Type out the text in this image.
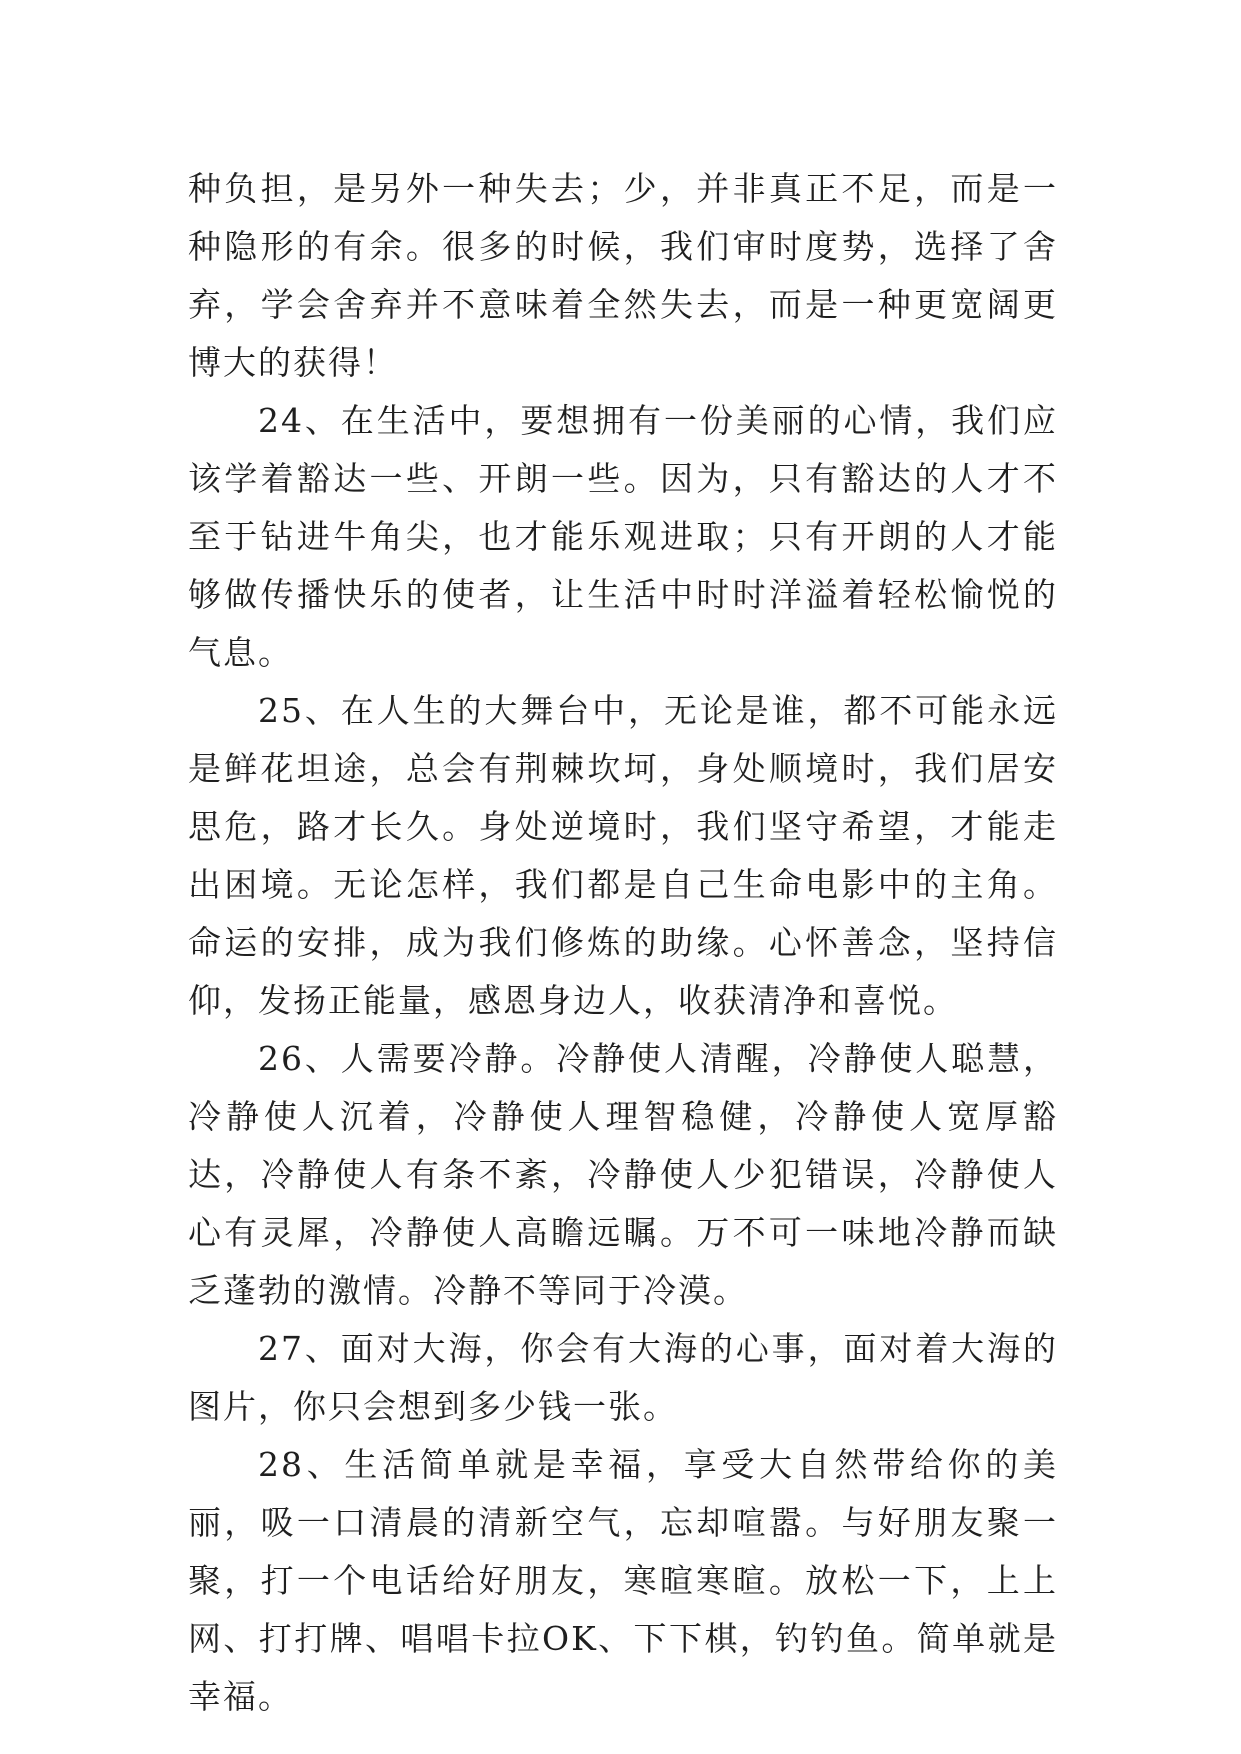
种负担，是另外一种失去；少，并非真正不足，而是一种隐形的有余。很多的时候，我们审时度势，选择了舍弃，学会舍弃并不意味着全然失去，而是一种更宽阔更博大的获得！

24、在生活中，要想拥有一份美丽的心情，我们应该学着豁达一些、开朗一些。因为，只有豁达的人才不至于钻进牛角尖，也才能乐观进取；只有开朗的人才能够做传播快乐的使者，让生活中时时洋溢着轻松愉悦的气息。

25、在人生的大舞台中，无论是谁，都不可能永远是鲜花坦途，总会有荆棘坎坷，身处顺境时，我们居安思危，路才长久。身处逆境时，我们坚守希望，才能走出困境。无论怎样，我们都是自己生命电影中的主角。命运的安排，成为我们修炼的助缘。心怀善念，坚持信仰，发扬正能量，感恩身边人，收获清净和喜悦。

26、人需要冷静。冷静使人清醒，冷静使人聪慧，冷静使人沉着，冷静使人理智稳健，冷静使人宽厚豁达，冷静使人有条不紊，冷静使人少犯错误，冷静使人心有灵犀，冷静使人高瞻远瞩。万不可一味地冷静而缺乏蓬勃的激情。冷静不等同于冷漠。

27、面对大海，你会有大海的心事，面对着大海的图片，你只会想到多少钱一张。

28、生活简单就是幸福，享受大自然带给你的美丽，吸一口清晨的清新空气，忘却喧嚣。与好朋友聚一聚，打一个电话给好朋友，寒暄寒暄。放松一下，上上网、打打牌、唱唱卡拉OK、下下棋，钓钓鱼。简单就是幸福。
